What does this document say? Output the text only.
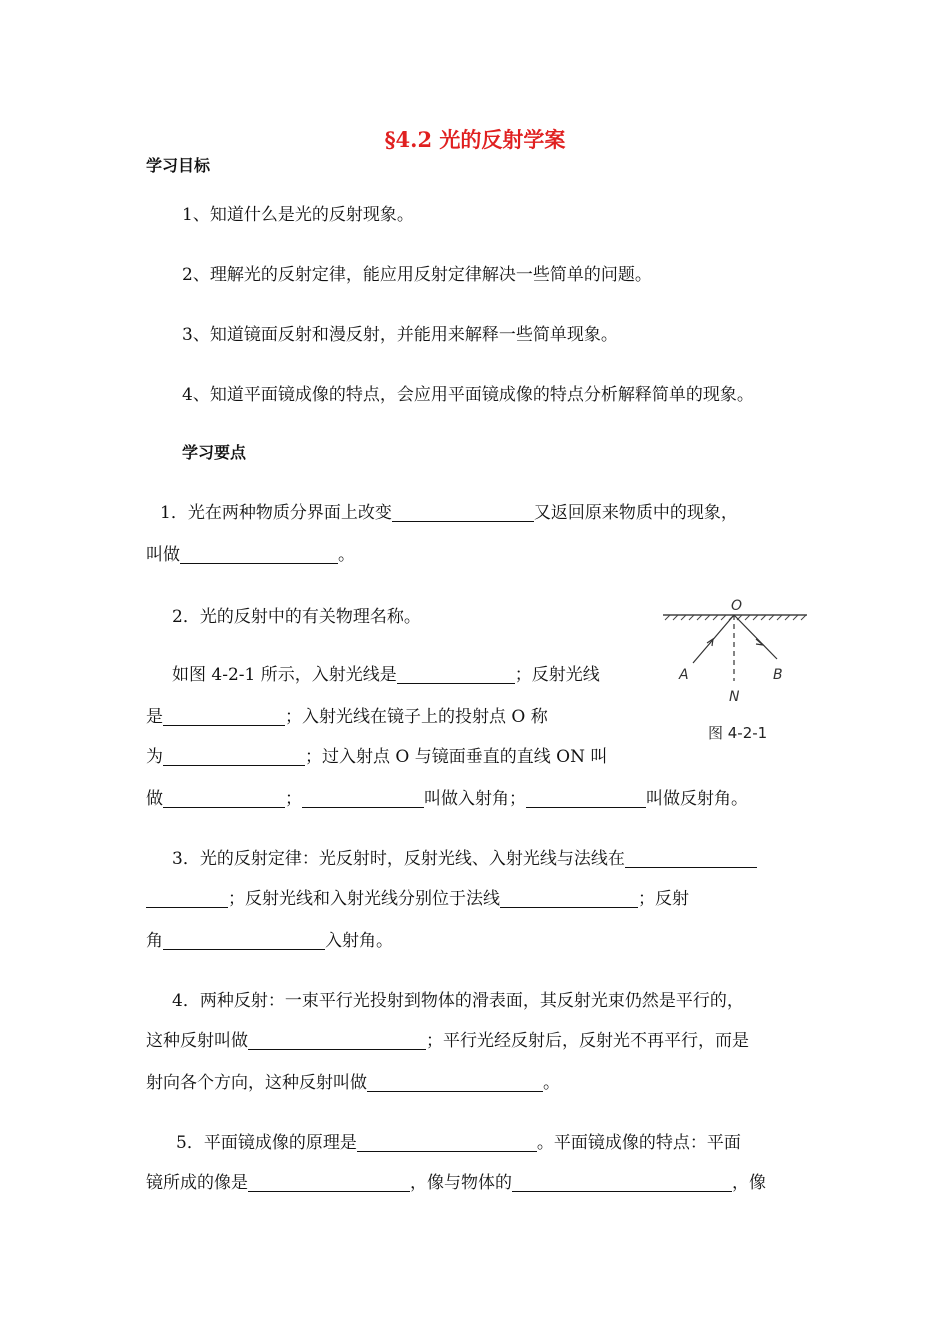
§4.2 光的反射学案
学习目标
1、知道什么是光的反射现象。
2、理解光的反射定律，能应用反射定律解决一些简单的问题。
3、知道镜面反射和漫反射，并能用来解释一些简单现象。
4、知道平面镜成像的特点，会应用平面镜成像的特点分析解释简单的现象。
学习要点
1．光在两种物质分界面上改变	又返回原来物质中的现象，
叫做	。
2．光的反射中的有关物理名称。
如图 4-2-1 所示，入射光线是	；反射光线
是	；入射光线在镜子上的投射点 O 称
为	；过入射点 O 与镜面垂直的直线 ON 叫
做	；	叫做入射角；	叫做反射角。
O
A	B
N
图 4-2-1
3．光的反射定律：光反射时，反射光线、入射光线与法线在
；反射光线和入射光线分别位于法线	；反射
角	入射角。
4．两种反射：一束平行光投射到物体的滑表面，其反射光束仍然是平行的，
这种反射叫做	；平行光经反射后，反射光不再平行，而是
射向各个方向，这种反射叫做	。
5．平面镜成像的原理是	。平面镜成像的特点：平面
镜所成的像是	，像与物体的	，像
